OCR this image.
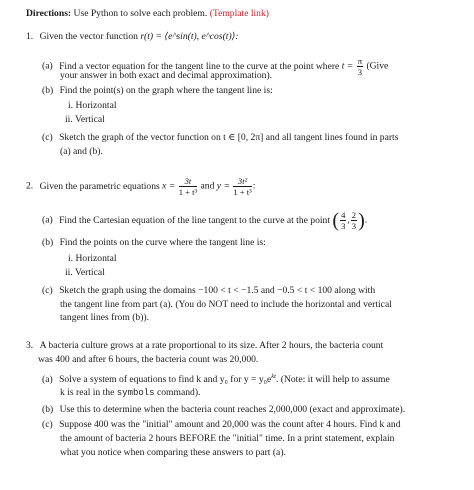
Directions: Use Python to solve each problem. (Template link)
1. Given the vector function r(t) = ⟨e^sin(t), e^cos(t)⟩:
(a) Find a vector equation for the tangent line to the curve at the point where $t = \frac{\pi}{3}$ (Give
your answer in both exact and decimal approximation).
(b) Find the point(s) on the graph where the tangent line is:
i. Horizontal
ii. Vertical
(c) Sketch the graph of the vector function on t ∈ [0, 2π] and all tangent lines found in parts
(a) and (b).
2. Given the parametric equations $x = \frac{3t}{\text{1 + t³}}$ and $y = \frac{\text{3t²}}{\text{1 + t³}}$ :
(a) Find the Cartesian equation of the line tangent to the curve at the point ( $\frac{4}{3}$ , $\frac{2}{3}$ ).
(b) Find the points on the curve where the tangent line is:
i. Horizontal
ii. Vertical
(c) Sketch the graph using the domains −100 < t < −1.5 and −0.5 < t < 100 along with
the tangent line from part (a). (You do NOT need to include the horizontal and vertical
tangent lines from (b)).
3. A bacteria culture grows at a rate proportional to its size. After 2 hours, the bacteria count
was 400 and after 6 hours, the bacteria count was 20,000.
(a) Solve a system of equations to find k and y₀ for $y = y_0e^{kt}$. (Note: it will help to assume
k is real in the symbols command).
(b) Use this to determine when the bacteria count reaches 2,000,000 (exact and approximate).
(c) Suppose 400 was the "initial" amount and 20,000 was the count after 4 hours. Find k and
the amount of bacteria 2 hours BEFORE the "initial" time. In a print statement, explain
what you notice when comparing these answers to part (a).
